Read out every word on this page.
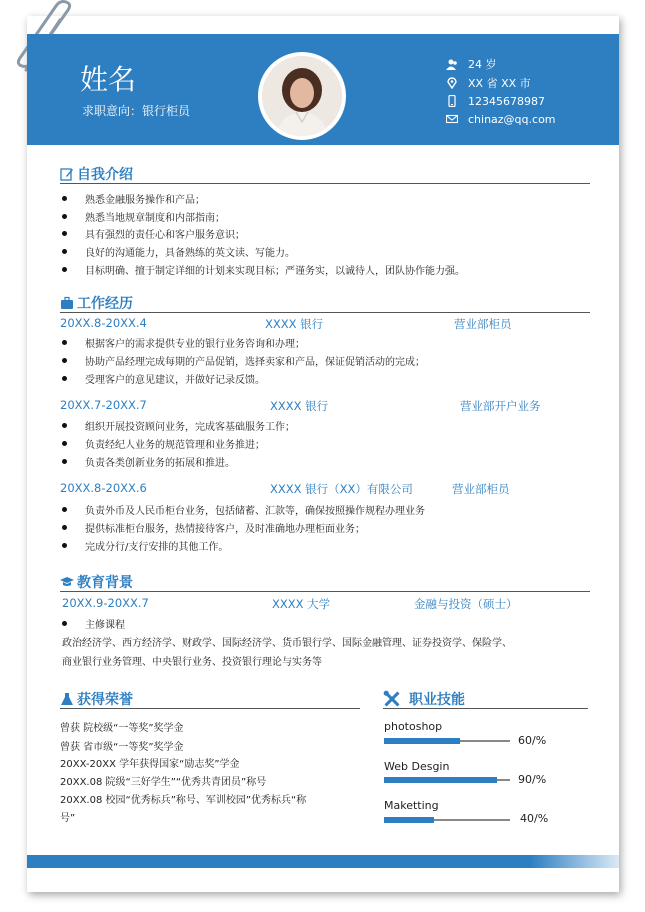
姓名
求职意向：银行柜员
24 岁
XX 省 XX 市
12345678987
chinaz@qq.com
自我介绍
熟悉金融服务操作和产品；
熟悉当地规章制度和内部指南；
具有强烈的责任心和客户服务意识；
良好的沟通能力，具备熟练的英文读、写能力。
目标明确、擅于制定详细的计划来实现目标；严谨务实，以诚待人，团队协作能力强。
工作经历
20XX.8-20XX.4	XXXX 银行	营业部柜员
根据客户的需求提供专业的银行业务咨询和办理；
协助产品经理完成每期的产品促销，选择卖家和产品，保证促销活动的完成；
受理客户的意见建议，并做好记录反馈。
20XX.7-20XX.7	XXXX 银行	营业部开户业务
组织开展投资顾问业务，完成客基础服务工作；
负责经纪人业务的规范管理和业务推进；
负责各类创新业务的拓展和推进。
20XX.8-20XX.6	XXXX 银行（XX）有限公司	营业部柜员
负责外币及人民币柜台业务，包括储蓄、汇款等，确保按照操作规程办理业务
提供标准柜台服务，热情接待客户，及时准确地办理柜面业务；
完成分行/支行安排的其他工作。
教育背景
20XX.9-20XX.7	XXXX 大学	金融与投资（硕士）
主修课程
政治经济学、西方经济学、财政学、国际经济学、货币银行学、国际金融管理、证券投资学、保险学、
商业银行业务管理、中央银行业务、投资银行理论与实务等
获得荣誉
曾获 院校级“一等奖”奖学金
曾获 省市级“一等奖”奖学金
20XX-20XX 学年获得国家“励志奖”学金
20XX.08 院级“三好学生”“优秀共青团员”称号
20XX.08 校园“优秀标兵”称号、军训校园”优秀标兵“称
号”
职业技能
photoshop
60/%
Web Desgin
90/%
Maketting
40/%
